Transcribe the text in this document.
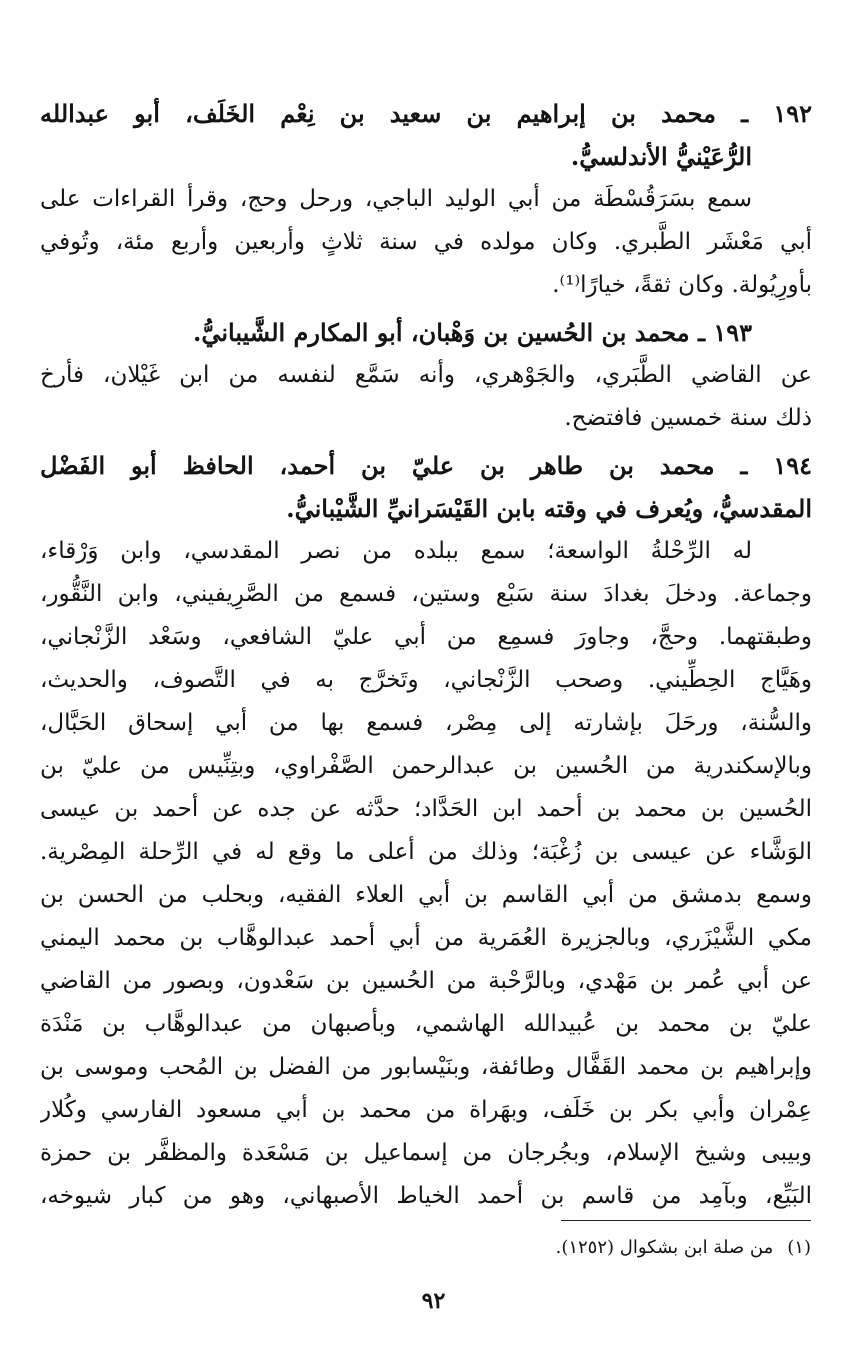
١٩٢ ـ محمد بن إبراهيم بن سعيد بن نِعْم الخَلَف، أبو عبدالله
الرُّعَيْنيُّ الأندلسيُّ.
سمع بسَرَقُسْطَة من أبي الوليد الباجي، ورحل وحج، وقرأ القراءات على
أبي مَعْشَر الطَّبري. وكان مولده في سنة ثلاثٍ وأربعين وأربع مئة، وتُوفي
بأورِيُولة. وكان ثقةً، خيارًا⁽¹⁾.
١٩٣ ـ محمد بن الحُسين بن وَهْبان، أبو المكارم الشَّيبانيُّ.
عن القاضي الطَّبَري، والجَوْهري، وأنه سَمَّع لنفسه من ابن غَيْلان، فأرخ
ذلك سنة خمسين فافتضح.
١٩٤ ـ محمد بن طاهر بن عليّ بن أحمد، الحافظ أبو الفَضْل
المقدسيُّ، ويُعرف في وقته بابن القَيْسَرانيِّ الشَّيْبانيُّ.
له الرِّحْلةُ الواسعة؛ سمع ببلده من نصر المقدسي، وابن وَرْقاء،
وجماعة. ودخلَ بغدادَ سنة سَبْع وستين، فسمع من الصَّرِيفيني، وابن النَّقُّور،
وطبقتهما. وحجَّ، وجاورَ فسمِع من أبي عليّ الشافعي، وسَعْد الزَّنْجاني،
وهَيَّاج الحِطِّيني. وصحب الزَّنْجاني، وتَخرَّج به في التَّصوف، والحديث،
والسُّنة، ورحَلَ بإشارته إلى مِصْر، فسمع بها من أبي إسحاق الحَبَّال،
وبالإسكندرية من الحُسين بن عبدالرحمن الصَّفْراوي، وبتِنِّيس من عليّ بن
الحُسين بن محمد بن أحمد ابن الحَدَّاد؛ حدَّثه عن جده عن أحمد بن عيسى
الوَشَّاء عن عيسى بن زُغْبَة؛ وذلك من أعلى ما وقع له في الرِّحلة المِصْرية.
وسمع بدمشق من أبي القاسم بن أبي العلاء الفقيه، وبحلب من الحسن بن
مكي الشَّيْزَري، وبالجزيرة العُمَرية من أبي أحمد عبدالوهَّاب بن محمد اليمني
عن أبي عُمر بن مَهْدي، وبالرَّحْبة من الحُسين بن سَعْدون، وبصور من القاضي
عليّ بن محمد بن عُبيدالله الهاشمي، وبأصبهان من عبدالوهَّاب بن مَنْدَة
وإبراهيم بن محمد القَفَّال وطائفة، وبنَيْسابور من الفضل بن المُحب وموسى بن
عِمْران وأبي بكر بن خَلَف، وبهَراة من محمد بن أبي مسعود الفارسي وكُلار
وبيبى وشيخ الإسلام، وبجُرجان من إسماعيل بن مَسْعَدة والمظفَّر بن حمزة
البَيِّع، وبآمِد من قاسم بن أحمد الخياط الأصبهاني، وهو من كبار شيوخه،
(١)من صلة ابن بشكوال (١٢٥٢).
٩٢
